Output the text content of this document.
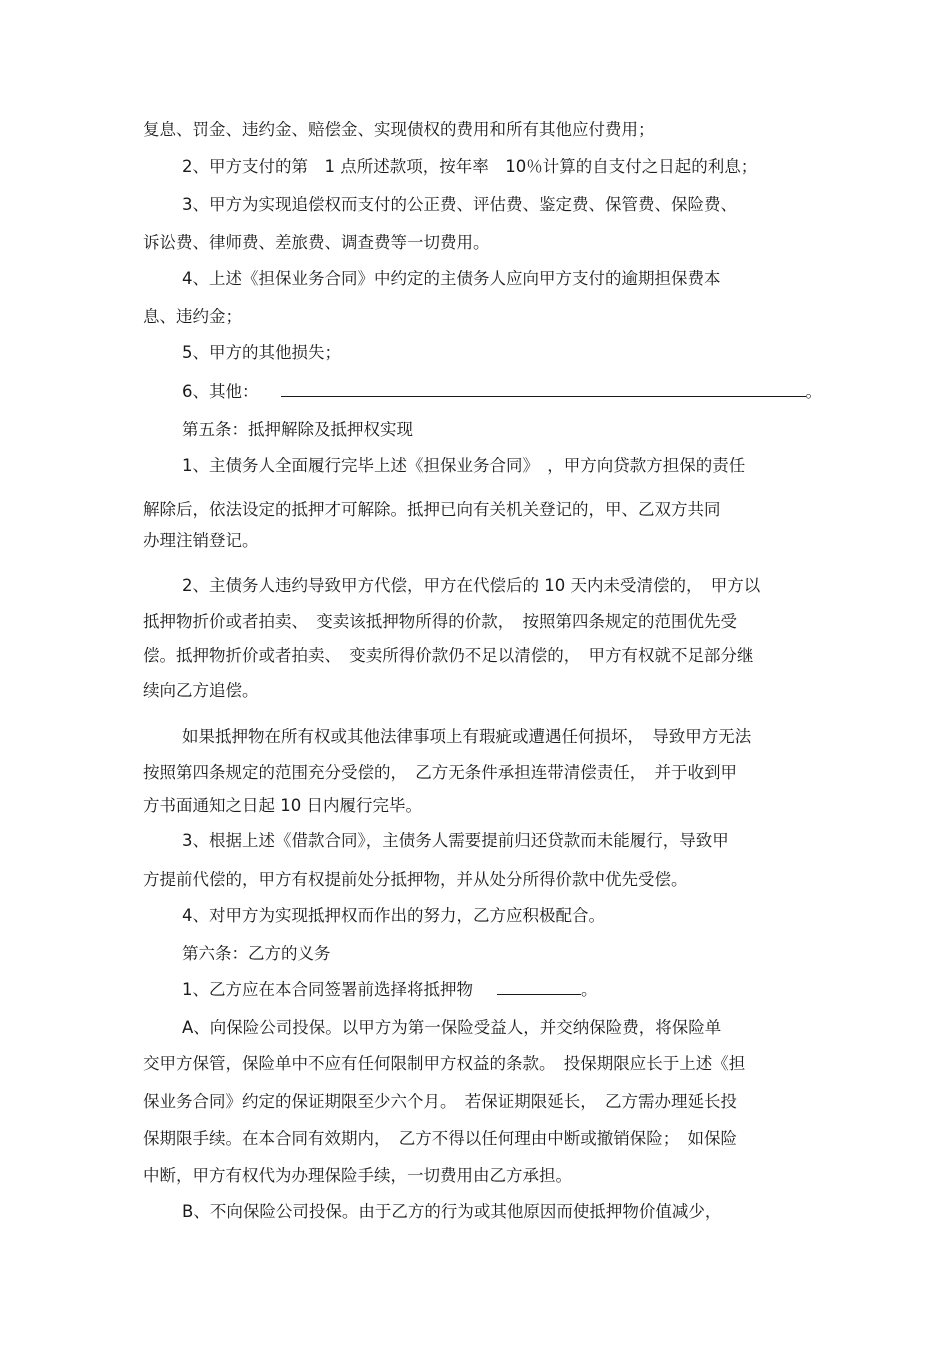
复息、罚金、违约金、赔偿金、实现债权的费用和所有其他应付费用；
2、甲方支付的第　1 点所述款项，按年率　10％计算的自支付之日起的利息；
3、甲方为实现追偿权而支付的公正费、评估费、鉴定费、保管费、保险费、
诉讼费、律师费、差旅费、调查费等一切费用。
4、上述《担保业务合同》中约定的主债务人应向甲方支付的逾期担保费本
息、违约金；
5、甲方的其他损失；
6、其他：	。
第五条：抵押解除及抵押权实现
1、主债务人全面履行完毕上述《担保业务合同》　，甲方向贷款方担保的责任
解除后，依法设定的抵押才可解除。抵押已向有关机关登记的，甲、乙双方共同
办理注销登记。
2、主债务人违约导致甲方代偿，甲方在代偿后的 10 天内未受清偿的，　甲方以
抵押物折价或者拍卖、　变卖该抵押物所得的价款，　按照第四条规定的范围优先受
偿。抵押物折价或者拍卖、　变卖所得价款仍不足以清偿的，　甲方有权就不足部分继
续向乙方追偿。
如果抵押物在所有权或其他法律事项上有瑕疵或遭遇任何损坏，　导致甲方无法
按照第四条规定的范围充分受偿的，　乙方无条件承担连带清偿责任，　并于收到甲
方书面通知之日起 10 日内履行完毕。
3、根据上述《借款合同》，主债务人需要提前归还贷款而未能履行，导致甲
方提前代偿的，甲方有权提前处分抵押物，并从处分所得价款中优先受偿。
4、对甲方为实现抵押权而作出的努力，乙方应积极配合。
第六条：乙方的义务
1、乙方应在本合同签署前选择将抵押物	。
A、向保险公司投保。以甲方为第一保险受益人，并交纳保险费，将保险单
交甲方保管，保险单中不应有任何限制甲方权益的条款。　投保期限应长于上述《担
保业务合同》约定的保证期限至少六个月。　若保证期限延长，　乙方需办理延长投
保期限手续。在本合同有效期内，　乙方不得以任何理由中断或撤销保险；　如保险
中断，甲方有权代为办理保险手续，一切费用由乙方承担。
B、不向保险公司投保。由于乙方的行为或其他原因而使抵押物价值减少，
